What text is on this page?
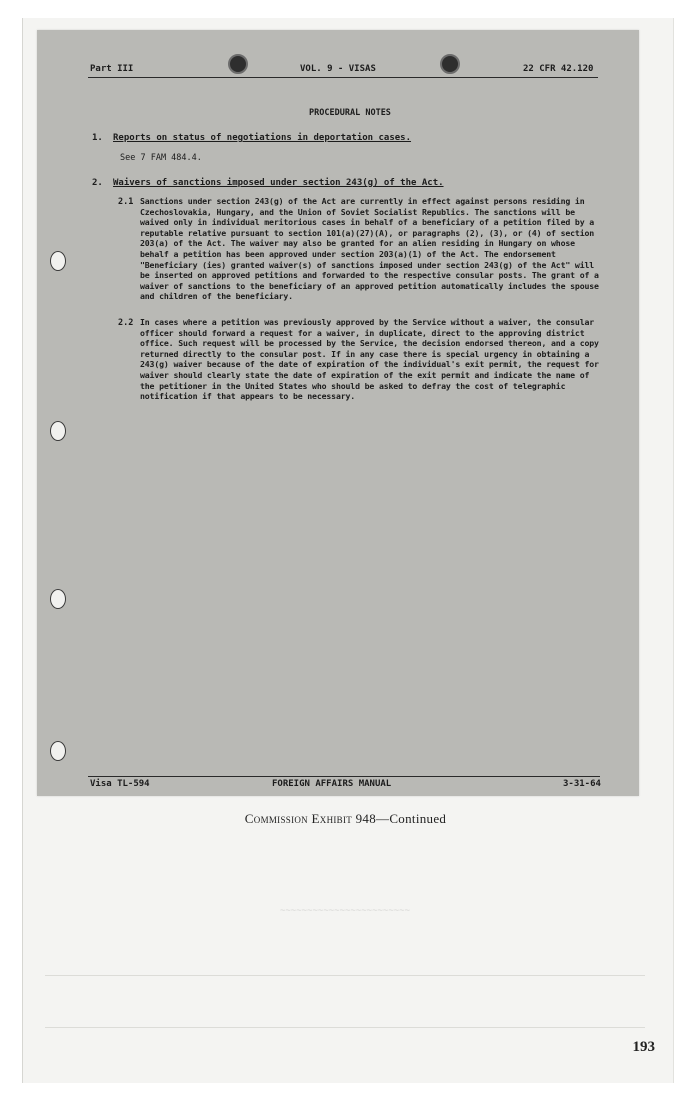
~~~~~~~~~~~~~~~~~~~~~~~~
Part III	VOL. 9 - VISAS	22 CFR 42.120
PROCEDURAL NOTES
1. Reports on status of negotiations in deportation cases.
See 7 FAM 484.4.
2. Waivers of sanctions imposed under section 243(g) of the Act.
2.1 Sanctions under section 243(g) of the Act are currently in effect against persons residing in Czechoslovakia, Hungary, and the Union of Soviet Socialist Republics. The sanctions will be waived only in individual meritorious cases in behalf of a beneficiary of a petition filed by a reputable relative pursuant to section 101(a)(27)(A), or paragraphs (2), (3), or (4) of section 203(a) of the Act. The waiver may also be granted for an alien residing in Hungary on whose behalf a petition has been approved under section 203(a)(1) of the Act. The endorsement "Beneficiary (ies) granted waiver(s) of sanctions imposed under section 243(g) of the Act" will be inserted on approved petitions and forwarded to the respective consular posts. The grant of a waiver of sanctions to the beneficiary of an approved petition automatically includes the spouse and children of the beneficiary.
2.2 In cases where a petition was previously approved by the Service without a waiver, the consular officer should forward a request for a waiver, in duplicate, direct to the approving district office. Such request will be processed by the Service, the decision endorsed thereon, and a copy returned directly to the consular post. If in any case there is special urgency in obtaining a 243(g) waiver because of the date of expiration of the individual's exit permit, the request for waiver should clearly state the date of expiration of the exit permit and indicate the name of the petitioner in the United States who should be asked to defray the cost of telegraphic notification if that appears to be necessary.
Visa TL-594	FOREIGN AFFAIRS MANUAL	3-31-64
Commission Exhibit 948—Continued
193
